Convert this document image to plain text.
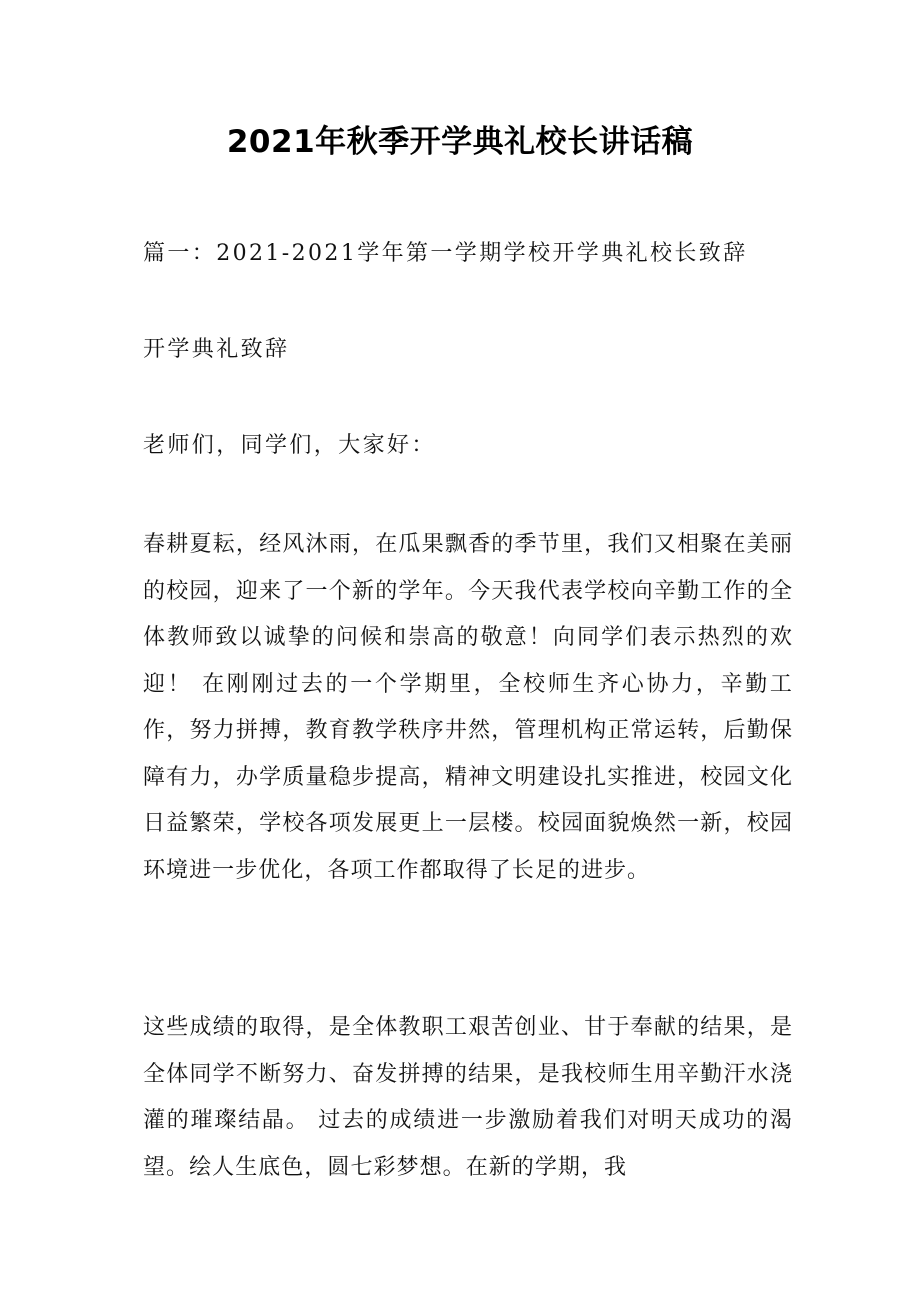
2021年秋季开学典礼校长讲话稿
篇一：2021-2021学年第一学期学校开学典礼校长致辞
开学典礼致辞
老师们，同学们，大家好：
春耕夏耘，经风沐雨，在瓜果飘香的季节里，我们又相聚在美丽的校园，迎来了一个新的学年。今天我代表学校向辛勤工作的全体教师致以诚挚的问候和崇高的敬意！向同学们表示热烈的欢迎！ 在刚刚过去的一个学期里，全校师生齐心协力，辛勤工作，努力拼搏，教育教学秩序井然，管理机构正常运转，后勤保障有力，办学质量稳步提高，精神文明建设扎实推进，校园文化日益繁荣，学校各项发展更上一层楼。校园面貌焕然一新，校园环境进一步优化，各项工作都取得了长足的进步。
这些成绩的取得，是全体教职工艰苦创业、甘于奉献的结果，是全体同学不断努力、奋发拼搏的结果，是我校师生用辛勤汗水浇灌的璀璨结晶。 过去的成绩进一步激励着我们对明天成功的渴望。绘人生底色，圆七彩梦想。在新的学期，我
